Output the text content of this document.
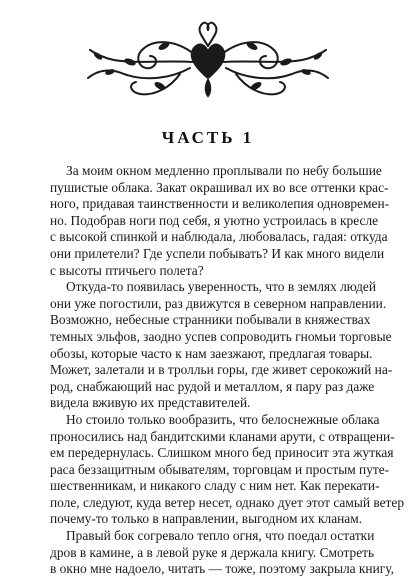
ЧАСТЬ 1
За моим окном медленно проплывали по небу большие
пушистые облака. Закат окрашивал их во все оттенки крас-
ного, придавая таинственности и великолепия одновремен-
но. Подобрав ноги под себя, я уютно устроилась в кресле
с высокой спинкой и наблюдала, любовалась, гадая: откуда
они прилетели? Где успели побывать? И как много видели
с высоты птичьего полета?
Откуда-то появилась уверенность, что в землях людей
они уже погостили, раз движутся в северном направлении.
Возможно, небесные странники побывали в княжествах
темных эльфов, заодно успев сопроводить гномьи торговые
обозы, которые часто к нам заезжают, предлагая товары.
Может, залетали и в тролльи горы, где живет серокожий на-
род, снабжающий нас рудой и металлом, я пару раз даже
видела вживую их представителей.
Но стоило только вообразить, что белоснежные облака
проносились над бандитскими кланами арути, с отвращени-
ем передернулась. Слишком много бед приносит эта жуткая
раса беззащитным обывателям, торговцам и простым путе-
шественникам, и никакого сладу с ним нет. Как перекати-
поле, следуют, куда ветер несет, однако дует этот самый ветер
почему-то только в направлении, выгодном их кланам.
Правый бок согревало тепло огня, что поедал остатки
дров в камине, а в левой руке я держала книгу. Смотреть
в окно мне надоело, читать — тоже, поэтому закрыла книгу,
